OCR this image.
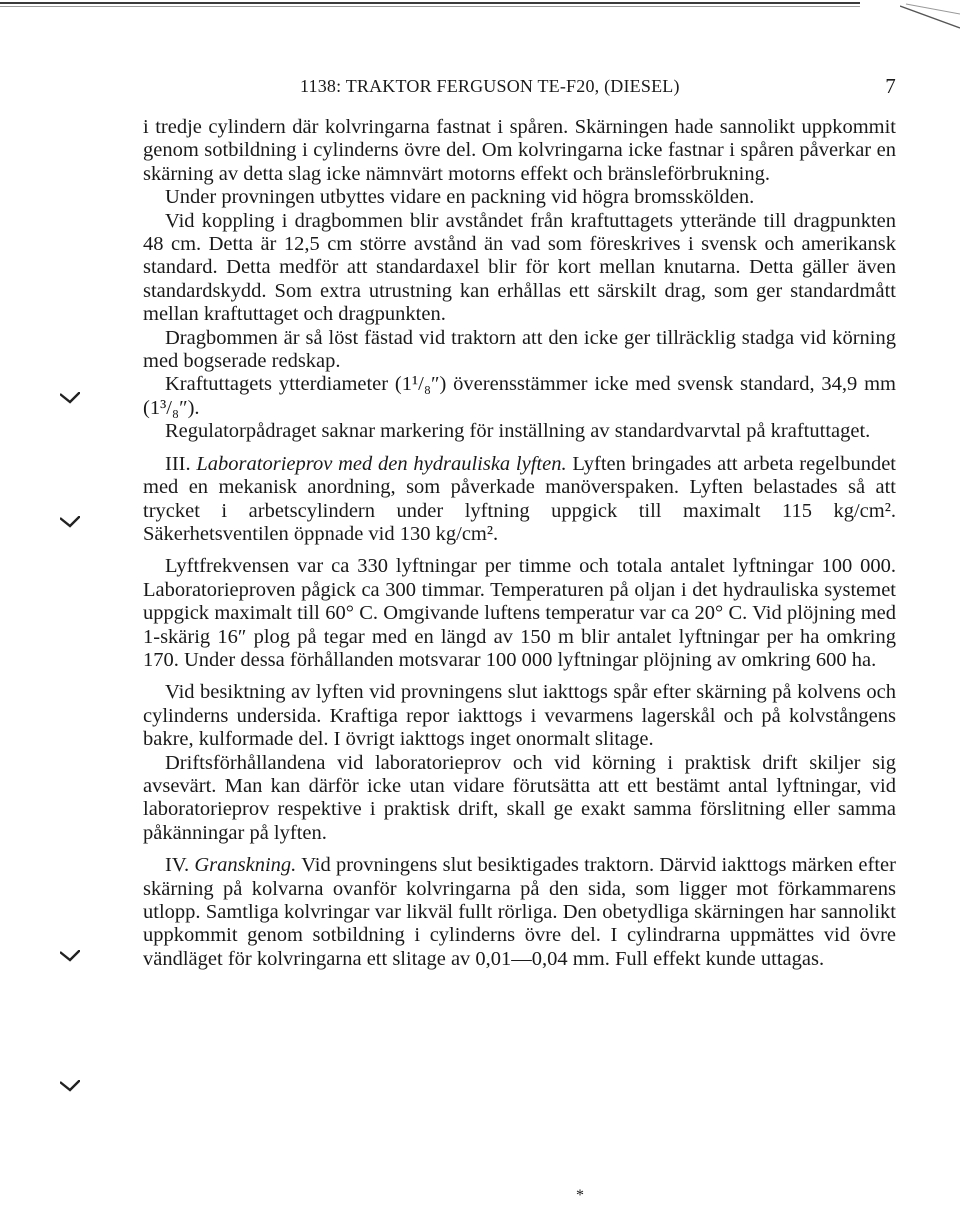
1138: TRAKTOR FERGUSON TE-F20, (DIESEL)	7

i tredje cylindern där kolvringarna fastnat i spåren. Skärningen hade sannolikt uppkommit genom sotbildning i cylinderns övre del. Om kolvringarna icke fastnar i spåren påverkar en skärning av detta slag icke nämnvärt motorns effekt och bränsleförbrukning.

Under provningen utbyttes vidare en packning vid högra bromsskölden.

Vid koppling i dragbommen blir avståndet från kraftuttagets ytterände till dragpunkten 48 cm. Detta är 12,5 cm större avstånd än vad som föreskrives i svensk och amerikansk standard. Detta medför att standardaxel blir för kort mellan knutarna. Detta gäller även standardskydd. Som extra utrustning kan erhållas ett särskilt drag, som ger standardmått mellan kraftuttaget och dragpunkten.

Dragbommen är så löst fästad vid traktorn att den icke ger tillräcklig stadga vid körning med bogserade redskap.

Kraftuttagets ytterdiameter (1¹/₈″) överensstämmer icke med svensk standard, 34,9 mm (1³/₈″).

Regulatorpådraget saknar markering för inställning av standardvarvtal på kraftuttaget.

III. Laboratorieprov med den hydrauliska lyften. Lyften bringades att arbeta regelbundet med en mekanisk anordning, som påverkade manöverspaken. Lyften belastades så att trycket i arbetscylindern under lyftning uppgick till maximalt 115 kg/cm². Säkerhetsventilen öppnade vid 130 kg/cm².

Lyftfrekvensen var ca 330 lyftningar per timme och totala antalet lyftningar 100 000. Laboratorieproven pågick ca 300 timmar. Temperaturen på oljan i det hydrauliska systemet uppgick maximalt till 60° C. Omgivande luftens temperatur var ca 20° C. Vid plöjning med 1-skärig 16″ plog på tegar med en längd av 150 m blir antalet lyftningar per ha omkring 170. Under dessa förhållanden motsvarar 100 000 lyftningar plöjning av omkring 600 ha.

Vid besiktning av lyften vid provningens slut iakttogs spår efter skärning på kolvens och cylinderns undersida. Kraftiga repor iakttogs i vevarmens lagerskål och på kolvstångens bakre, kulformade del. I övrigt iakttogs inget onormalt slitage.

Driftsförhållandena vid laboratorieprov och vid körning i praktisk drift skiljer sig avsevärt. Man kan därför icke utan vidare förutsätta att ett bestämt antal lyftningar, vid laboratorieprov respektive i praktisk drift, skall ge exakt samma förslitning eller samma påkänningar på lyften.

IV. Granskning. Vid provningens slut besiktigades traktorn. Därvid iakttogs märken efter skärning på kolvarna ovanför kolvringarna på den sida, som ligger mot förkammarens utlopp. Samtliga kolvringar var likväl fullt rörliga. Den obetydliga skärningen har sannolikt uppkommit genom sotbildning i cylinderns övre del. I cylindrarna uppmättes vid övre vändläget för kolvringarna ett slitage av 0,01—0,04 mm. Full effekt kunde uttagas.

*
